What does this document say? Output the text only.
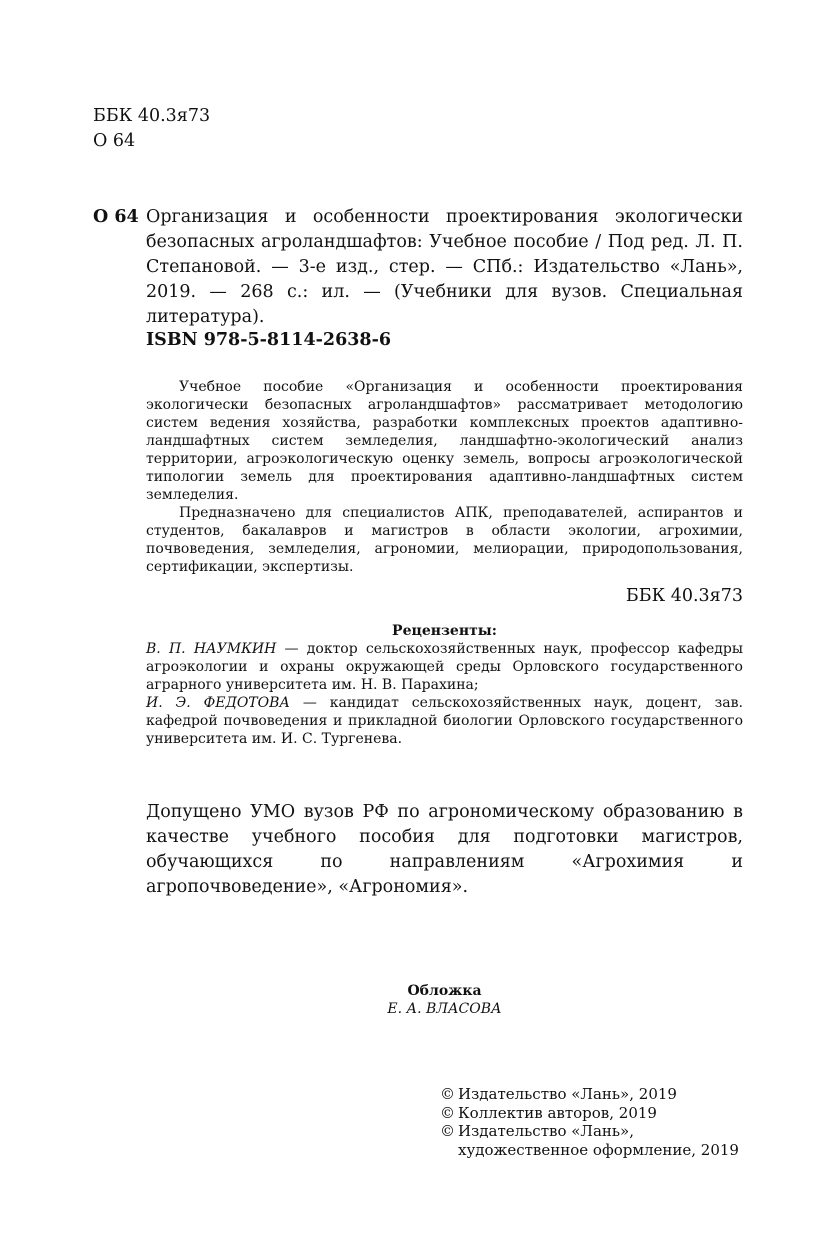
ББК 40.3я73
О 64
О 64 Организация и особенности проектирования экологически безопасных агроландшафтов: Учебное пособие / Под ред. Л. П. Степановой. — 3-е изд., стер. — СПб.: Издательство «Лань», 2019. — 268 с.: ил. — (Учебники для вузов. Специальная литература).

ISBN 978-5-8114-2638-6

Учебное пособие «Организация и особенности проектирования экологически безопасных агроландшафтов» рассматривает методологию систем ведения хозяйства, разработки комплексных проектов адаптивно-ландшафтных систем земледелия, ландшафтно-экологический анализ территории, агроэкологическую оценку земель, вопросы агроэкологической типологии земель для проектирования адаптивно-ландшафтных систем земледелия.

Предназначено для специалистов АПК, преподавателей, аспирантов и студентов, бакалавров и магистров в области экологии, агрохимии, почвоведения, земледелия, агрономии, мелиорации, природопользования, сертификации, экспертизы.

ББК 40.3я73
Рецензенты:

В. П. НАУМКИН — доктор сельскохозяйственных наук, профессор кафедры агроэкологии и охраны окружающей среды Орловского государственного аграрного университета им. Н. В. Парахина;

И. Э. ФЕДОТОВА — кандидат сельскохозяйственных наук, доцент, зав. кафедрой почвоведения и прикладной биологии Орловского государственного университета им. И. С. Тургенева.

Допущено УМО вузов РФ по агрономическому образованию в качестве учебного пособия для подготовки магистров, обучающихся по направлениям «Агрохимия и агропочвоведение», «Агрономия».

Обложка
Е. А. ВЛАСОВА
© Издательство «Лань», 2019
© Коллектив авторов, 2019
© Издательство «Лань»,
художественное оформление, 2019
